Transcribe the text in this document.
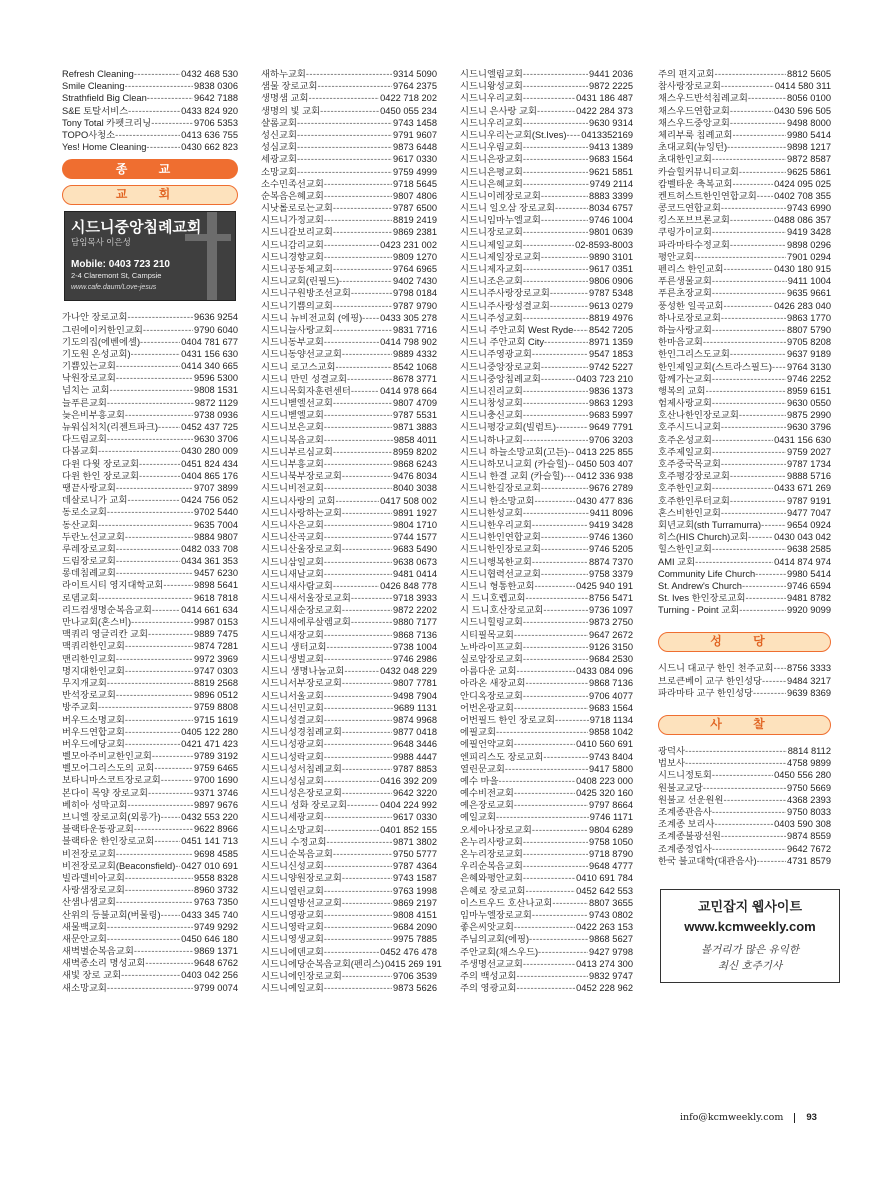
Refresh Cleaning -----	0432 468 530
Smile Cleaning -----	9838 0306
Strathfield Big Clean -----	9642 7188
S&E 토탈서비스 -----	0433 824 920
Tony Total 카펫크리닝 -----	9706 5353
TOPO사청소 -----	0413 636 755
Yes! Home Cleaning -----	0430 662 823
종 교
교 회
시드니중앙침례교회
담임목사 이은성
Mobile: 0403 723 210
2-4 Claremont St, Campsie
www.cafe.daum/Love-jesus
가나안 장로교회 -----	9636 9254
그린에이커한인교회 -----	9790 6040
기도의집(에벤에셀) -----	0404 781 677
기도원 온성교회) -----	0431 156 630
기쁨있는교회 -----	0414 340 665
낙원장로교회 -----	9596 5300
넘치는 교회 -----	9808 1531
늘푸른교회 -----	9872 1129
늦은비부흥교회 -----	9738 0936
뉴워십처치(리젠트파크) ----- 0452 437 725
다드림교회 -----	9630 3706
다봄교회 -----	0430 280 009
다윈 다윗 장로교회 -----	0451 824 434
다윈 한인 장로교회 -----	0404 865 176
땡끝사랑교회 -----	9707 3899
데살로니가 교회 -----	0424 756 052
동로소교회 -----	9702 5440
동산교회 -----	9635 7004
두란노선교교회 -----	9884 9807
루레장로교회 -----	0482 033 708
드림장로교회 -----	0434 361 353
롱데침례교회 -----	9457 6230
라이트시티 영지대학교회 -----	9898 5641
로뎀교회 -----	9618 7818
리드컴생명순복음교회 -----	0414 661 634
만나교회(혼스비) -----	9987 0153
맥쿼리 영글리칸 교회 -----	9889 7475
맥쿼리한인교회 -----	9874 7281
맨리한인교회 -----	9972 3969
명지대한인교회 -----	9747 0303
무지개교회 -----	8819 2568
반석장로교회 -----	9896 0512
방주교회 -----	9759 8808
버우드소명교회 -----	9715 1619
버우드연합교회 -----	0405 122 280
버우드에당교회 -----	0421 471 423
벨모아주비교한인교회 -----	9789 3192
벨모어그리스도의 교회 -----	9759 6465
보타니마스코트장로교회 -----	9700 1690
본다이 목양 장로교회 -----	9371 3746
베히아 성막교회 -----	9897 9676
브니엘 장로교회(외롱가) ----- 0432 553 220
블랙타운동광교회 -----	9622 8966
블랙타운 한인장로교회 -----	0451 141 713
비전장로교회 -----	9698 4585
비전장로교회(Beaconsfield) ----- 0427 010 691
빌라델비아교회 -----	9558 8328
사랑샘장로교회 -----	8960 3732
산샘나샘교회 -----	9763 7350
산위의 등불교회(버물링) ----- 0433 345 740
새물백교회 -----	9749 9292
새문안교회 -----	0450 646 180
새벽별순복음교회 -----	9869 1371
새벽종소리 명성교회 -----	9648 6762
새빛 장로 교회 -----	0403 042 256
새소망교회 -----	9799 0074
새하누교회 -----	9314 5090
샘물 장로교회 -----	9764 2375
생명샘 교회 -----	0422 718 202
생명의 빛 교회 -----	0450 055 234
샬롬교회 -----	9743 1458
성신교회 -----	9791 9607
성심교회 -----	9873 6448
세광교회 -----	9617 0330
소망교회 -----	9759 4999
소수민족선교회 -----	9718 5645
순복음은혜교회 -----	9807 4806
시낫롤로로는교회 -----	9787 6500
시드니가정교회 -----	8819 2419
시드니갈보리교회 -----	9869 2381
시드니감리교회 -----	0423 231 002
시드니경향교회 -----	9809 1270
시드니공동체교회 -----	9764 6965
시드니교회(린필드) -----	9402 7430
시드니구원방조선교회 -----	9798 0184
시드니기쁨의교회 -----	9787 9790
시드니 뉴비전교회 (에핑) ----- 0433 305 278
시드니늘사랑교회 -----	9831 7716
시드니동부교회 -----	0414 798 902
시드니동양선교교회 -----	9889 4332
시드니 로고스교회 -----	8542 1068
시드니 만민 성결교회 -----	8678 3771
시드니목회자훈련센터 -----	0414 978 664
시드니벧엘선교회 -----	9807 4709
시드니벧엘교회 -----	9787 5531
시드니보은교회 -----	9871 3883
시드니복음교회 -----	9858 4011
시드니부르심교회 -----	8959 8202
시드니부흥교회 -----	9868 6243
시드니북부장로교회 -----	9476 8034
시드니비전교회 -----	8040 3038
시드니사랑의 교회 -----	0417 508 002
시드니사랑하는교회 -----	9891 1927
시드니사은교회 -----	9804 1710
시드니산곡교회 -----	9744 1577
시드니산울장로교회 -----	9683 5490
시드니삼일교회 -----	9638 0673
시드니새날교회 -----	9481 0414
시드니새사람교회 -----	0426 848 778
시드니새서울장로교회 -----	9718 3933
시드니새순장로교회 -----	9872 2202
시드니새에루살렘교회 -----	9880 7177
시드니새장교회 -----	9868 7136
시드니 생터교회 -----	9738 1004
시드니생벌교회 -----	9746 2986
시드니 생명나눔교회 -----	0432 048 229
시드니서부장로교회 -----	9807 7781
시드니서울교회 -----	9498 7904
시드니선민교회 -----	9689 1131
시드니성결교회 -----	9874 9968
시드니성경침례교회 -----	9877 0418
시드니성광교회 -----	9648 3446
시드니성락교회 -----	9988 4447
시드니성서침례교회 -----	9787 8853
시드니성심교회 -----	0416 392 209
시드니성은장로교회 -----	9642 3220
시드니 성화 장로교회 -----	0404 224 992
시드니세광교회 -----	9617 0330
시드니소망교회 -----	0401 852 155
시드니 수정교회 -----	9871 3802
시드니순복음교회 -----	9750 5777
시드니신성교회 -----	9787 4364
시드니양원장로교회 -----	9743 1587
시드니열린교회 -----	9763 1998
시드니열방선교교회 -----	9869 2197
시드니영광교회 -----	9808 4151
시드니영락교회 -----	9684 2090
시드니영생교회 -----	9975 7885
시드니에덴교회 -----	0452 476 478
시드니에당순복음교회(펜리스) 0415 269 191
시드니에인장로교회 -----	9706 3539
시드니예일교회 -----	9873 5626
시드니엘림교회 -----	9441 2036
시드니왕성교회 -----	9872 2225
시드니우리교회 -----	0431 186 487
시드니 은사랑 교회 -----	0422 284 373
시드니우리교회 -----	9630 9314
시드니우리는교회(St.Ives) ----- 0413352169
시드니우림교회 -----	9413 1389
시드니은광교회 -----	9683 1564
시드니은평교회 -----	9621 5851
시드니은혜교회 -----	9749 2114
시드니이레장로교회 -----	8883 3399
시드니 일오삼 장로교회 -----	8034 6757
시드니임마누엘교회 -----	9746 1004
시드니장로교회 -----	9801 0639
시드니제일교회 -----	02-8593-8003
시드니제일장로교회 -----	9890 3101
시드니제자교회 -----	9617 0351
시드니조은교회 -----	9806 0906
시드니주사랑장로교회 -----	9787 5348
시드니주사랑성결교회 -----	9613 0279
시드니주성교회 -----	8819 4976
시드니 주안교회 West Ryde ----- 8542 7205
시드니 주안교회 City -----	8971 1359
시드니주영광교회 -----	9547 1853
시드니중앙장로교회 -----	9742 5227
시드니중앙침례교회 -----	0403 723 210
시드니진리교회 -----	9836 1373
시드니창성교회 -----	9863 1293
시드니충신교회 -----	9683 5997
시드니평강교회(빌럼트) -----	9649 7791
시드니하나교회 -----	9706 3203
시드니 하늘소망교회(고든) ----- 0413 225 855
시드니하모니교회 (카슬힐) ----- 0450 503 407
시드니 한결 교회 (카슬힐) ----- 0412 336 938
시드니한길장로교회 -----	9676 2789
시드니 한소망교회 -----	0430 477 836
시드니한성교회 -----	9411 8096
시드니한우리교회 -----	9419 3428
시드니한인연합교회 -----	9746 1360
시드니한인장로교회 -----	9746 5205
시드니행복한교회 -----	8874 7370
시드니협력선교교회 -----	9758 3379
시드니 형통한교회 -----	0425 940 191
시 드니호렙교회 -----	8756 5471
시 드니호산장로교회 -----	9736 1097
시드니힐링교회 -----	9873 2750
시티필목교회 -----	9647 2672
노바라이프교회 -----	9126 3150
실로암장로교회 -----	9684 2530
아름다운 교회 -----	0433 084 096
아라온 새장교회 -----	9868 7136
안디옥장로교회 -----	9706 4077
어번온광교회 -----	9683 1564
어번필드 한인 장로교회 -----	9718 1134
에필교회 -----	9858 1042
에필언약교회 -----	0410 560 691
엔피리스도 장로교회 -----	9743 8404
열린문교회 -----	9417 5800
예수 마을 -----	0408 223 000
예수비전교회 -----	0425 320 160
예은장로교회 -----	9797 8664
예일교회 -----	9746 1171
오세아나장로교회 -----	9804 6289
온누리사랑교회 -----	9758 1050
온누리장로교회 -----	9718 8790
우리순복음교회 -----	9648 4777
은혜와평안교회 -----	0410 691 784
은혜로 장로교회 -----	0452 642 553
이스트우드 호산나교회 -----	8807 3655
임마누엘장로교회 -----	9743 0802
좋은씨앗교회 -----	0422 263 153
주님의교회(에핑) -----	9868 5627
주안교회(채스우드) -----	9427 9798
주생명선교교회 -----	0413 274 300
주의 백성교회 -----	9832 9747
주의 영광교회 -----	0452 228 962
주의 편지교회 -----	8812 5605
참사랑장로교회 -----	0414 580 311
채스우드반석침례교회 -----	8056 0100
채스우드연합교회 -----	0430 596 505
채스우드중앙교회 -----	9498 8000
체리부룩 침례교회 -----	9980 5414
초대교회(뉴잉턴) -----	9898 1217
초대한인교회 -----	9872 8587
카슬힐커뮤니티교회 -----	9625 5861
캄벨타운 축복교회 -----	0424 095 025
켄트허스트한인연합교회 ----- 0402 708 355
콩코드연합교회 -----	9743 6990
킹스포브브론교회 -----	0488 086 357
쿠링가이교회 -----	9419 3428
파라마타수정교회 -----	9898 0296
평안교회 -----	7901 0294
펜리스 한인교회 -----	0430 180 915
푸른생물교회 -----	9411 1004
푸른초장교회 -----	9635 9661
풍성한 일곡교회 -----	0426 283 040
하나로장로교회 -----	9863 1770
하늘사랑교회 -----	8807 5790
한마음교회 -----	9705 8208
한인그리스도교회 -----	9637 9189
한인제일교회(스트라스필드) ----- 9764 3130
함께가는교회 -----	9746 2252
행복의 교회 -----	8959 6151
험제사랑교회 -----	9630 0550
호산나한인장로교회 -----	9875 2990
호주시드니교회 -----	9630 3796
호주온성교회 -----	0431 156 630
호주제일교회 -----	9759 2027
호주중국목교회 -----	9787 1734
호주평강장로교회 -----	9888 5716
호주한인교회 -----	0433 671 269
호주한인루터교회 -----	9787 9191
혼스비한인교회 -----	9477 7047
회년교회(sth Turramurra) -----	9654 0924
히스(HIS Church)교회 -----	0430 043 042
힐스한인교회 -----	9638 2585
AMI 교회 -----	0414 874 974
Community Life Church -----	9980 5414
St. Andrew's Church -----	9746 6594
St. Ives 한인장로교회 -----	9481 8782
Turning - Point 교회 -----	9920 9099
성 당
시드니 대교구 한인 천주교회 ----- 8756 3333
브로큰베이 교구 한인성당 -----	9484 3217
파라마타 교구 한인성당 -----	9639 8369
사 찰
광덕사 -----	8814 8112
법보사 -----	4758 9899
시드니정토회 -----	0450 556 280
원불교교당 -----	9750 5669
원불교 선운원원 -----	4368 2393
조계종관음사 -----	9750 8033
조계종 보리사 -----	0403 590 308
조계종불광선원 -----	9874 8559
조계종정업사 -----	9642 7672
한국 불교대학(대관음사) -----	4731 8579
교민잡지 웹사이트
www.kcmweekly.com
볼거리가 많은 유익한
최신 호주기사
info@kcmweekly.com 93
